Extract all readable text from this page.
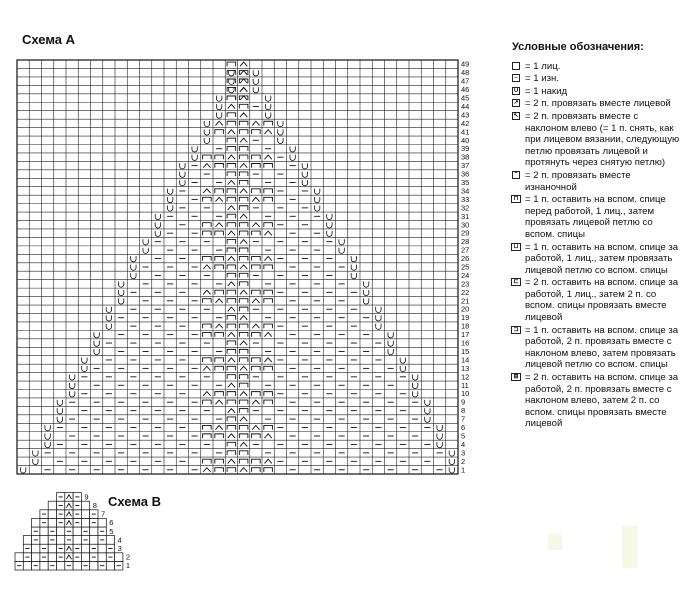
Схема A
1
2
3
4
5
6
7
8
9
10
11
12
13
14
15
16
17
18
19
20
21
22
23
24
25
26
27
28
29
30
31
32
33
34
35
36
37
38
39
40
41
42
43
44
45
46
47
48
49
Схема B
1
2
3
4
5
6
7
8
9
Условные обозначения:
= 1 лиц.
– = 1 изн.
U = 1 накид
↗ = 2 п. провязать вместе лицевой
↖ = 2 п. провязать вместе с наклоном влево (= 1 п. снять, как при лицевом вязании, следующую петлю провязать лицевой и протянуть через снятую петлю)
⌃ = 2 п. провязать вместе изнаночной
⊓ = 1 п. оставить на вспом. спице перед работой, 1 лиц., затем провязать лицевой петлю со вспом. спицы
⊔ = 1 п. оставить на вспом. спице за работой, 1 лиц., затем провязать лицевой петлю со вспом. спицы
⊏ = 2 п. оставить на вспом. спице за работой, 1 лиц., затем 2 п. со вспом. спицы провязать вместе лицевой
⊐ = 1 п. оставить на вспом. спице за работой, 2 п. провязать вместе с наклоном влево, затем провязать лицевой петлю со вспом. спицы
⊞ = 2 п. оставить на вспом. спице за работой, 2 п. провязать вместе с наклоном влево, затем 2 п. со вспом. спицы провязать вместе лицевой
